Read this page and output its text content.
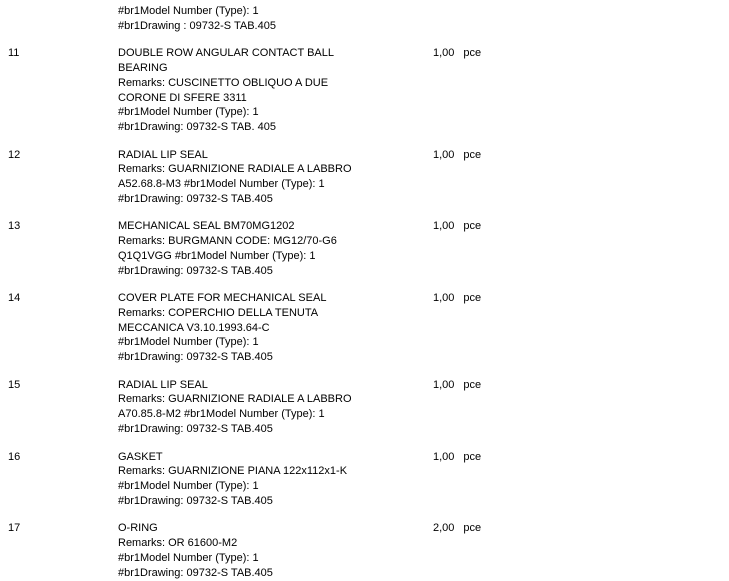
#br1Model Number (Type): 1
#br1Drawing : 09732-S TAB.405
11	DOUBLE ROW ANGULAR CONTACT BALL
BEARING
Remarks: CUSCINETTO OBLIQUO A DUE
CORONE DI SFERE 3311
#br1Model Number (Type): 1
#br1Drawing: 09732-S TAB. 405
1,00 pce
12	RADIAL LIP SEAL
Remarks: GUARNIZIONE RADIALE A LABBRO
A52.68.8-M3 #br1Model Number (Type): 1
#br1Drawing: 09732-S TAB.405
1,00 pce
13	MECHANICAL SEAL BM70MG1202
Remarks: BURGMANN CODE: MG12/70-G6
Q1Q1VGG #br1Model Number (Type): 1
#br1Drawing: 09732-S TAB.405
1,00 pce
14	COVER PLATE FOR MECHANICAL SEAL
Remarks: COPERCHIO DELLA TENUTA
MECCANICA V3.10.1993.64-C
#br1Model Number (Type): 1
#br1Drawing: 09732-S TAB.405
1,00 pce
15	RADIAL LIP SEAL
Remarks: GUARNIZIONE RADIALE A LABBRO
A70.85.8-M2 #br1Model Number (Type): 1
#br1Drawing: 09732-S TAB.405
1,00 pce
16	GASKET
Remarks: GUARNIZIONE PIANA 122x112x1-K
#br1Model Number (Type): 1
#br1Drawing: 09732-S TAB.405
1,00 pce
17	O-RING
Remarks: OR 61600-M2
#br1Model Number (Type): 1
#br1Drawing: 09732-S TAB.405
2,00 pce
